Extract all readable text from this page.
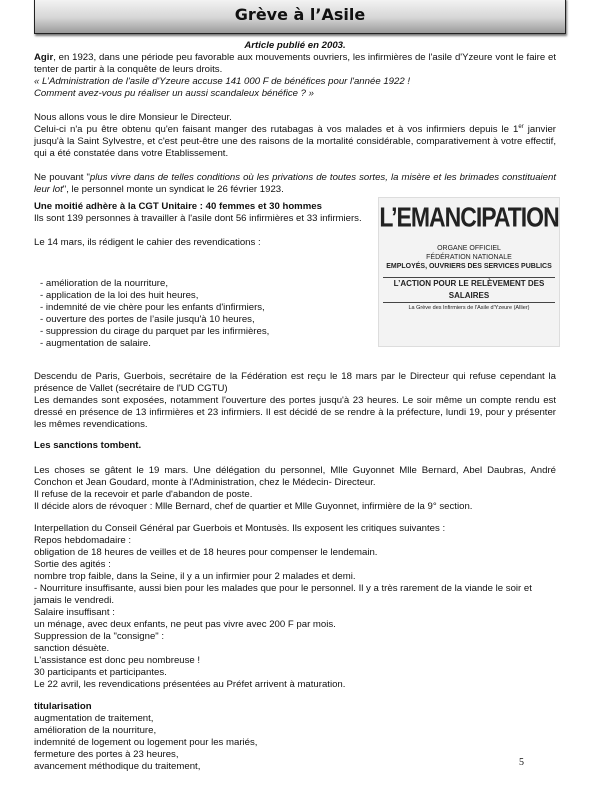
Grève à l’Asile
Article publié en 2003.

Agir, en 1923, dans une période peu favorable aux mouvements ouvriers, les infirmières de l'asile d'Yzeure vont le faire et tenter de partir à la conquête de leurs droits.

« L’Administration de l'asile d'Yzeure accuse 141 000 F de bénéfices pour l'année 1922 !

Comment avez-vous pu réaliser un aussi scandaleux bénéfice ? »

Nous allons vous le dire Monsieur le Directeur.

Celui-ci n'a pu être obtenu qu'en faisant manger des rutabagas à vos malades et à vos infirmiers depuis le 1er janvier jusqu'à la Saint Sylvestre, et c'est peut-être une des raisons de la mortalité considérable, comparativement à votre effectif, qui a été constatée dans votre Etablissement.

Ne pouvant "plus vivre dans de telles conditions où les privations de toutes sortes, la misère et les brimades constituaient leur lot", le personnel monte un syndicat le 26 février 1923.

Une moitié adhère à la CGT Unitaire : 40 femmes et 30 hommes

Ils sont 139 personnes à travailler à l'asile dont 56 infirmières et 33 infirmiers.

Le 14 mars, ils rédigent le cahier des revendications :

- amélioration de la nourriture,

- application de la loi des huit heures,

- indemnité de vie chère pour les enfants d'infirmiers,

- ouverture des portes de l’asile jusqu'à 10 heures,

- suppression du cirage du parquet par les infirmières,

- augmentation de salaire.

L’EMANCIPATION
ORGANE OFFICIEL
FÉDÉRATION NATIONALE
EMPLOYÉS, OUVRIERS DES SERVICES PUBLICS
L’ACTION POUR LE RELÈVEMENT DES SALAIRES
La Grève des Infirmiers de l'Asile d'Yzeure (Allier)

Descendu de Paris, Guerbois, secrétaire de la Fédération est reçu le 18 mars par le Directeur qui refuse cependant la présence de Vallet (secrétaire de l'UD CGTU)

Les demandes sont exposées, notamment l'ouverture des portes jusqu'à 23 heures. Le soir même un compte rendu est dressé en présence de 13 infirmières et 23 infirmiers. Il est décidé de se rendre à la préfecture, lundi 19, pour y présenter les mêmes revendications.

Les sanctions tombent.

Les choses se gâtent le 19 mars. Une délégation du personnel, Mlle Guyonnet Mlle Bernard, Abel Daubras, André Conchon et Jean Goudard, monte à l'Administration, chez le Médecin- Directeur.

Il refuse de la recevoir et parle d'abandon de poste.

Il décide alors de révoquer : Mlle Bernard, chef de quartier et Mlle Guyonnet, infirmière de la 9° section.

Interpellation du Conseil Général par Guerbois et Montusès. Ils exposent les critiques suivantes :

Repos hebdomadaire :

obligation de 18 heures de veilles et de 18 heures pour compenser le lendemain.

Sortie des agités :

nombre trop faible, dans la Seine, il y a un infirmier pour 2 malades et demi.

- Nourriture insuffisante, aussi bien pour les malades que pour le personnel. Il y a très rarement de la viande le soir et jamais le vendredi.

Salaire insuffisant :

un ménage, avec deux enfants, ne peut pas vivre avec 200 F par mois.

Suppression de la "consigne" :

sanction désuète.

L'assistance est donc peu nombreuse !

30 participants et participantes.

Le 22 avril, les revendications présentées au Préfet arrivent à maturation.

titularisation

augmentation de traitement,

amélioration de la nourriture,

indemnité de logement ou logement pour les mariés,

fermeture des portes à 23 heures,

avancement méthodique du traitement,	5
